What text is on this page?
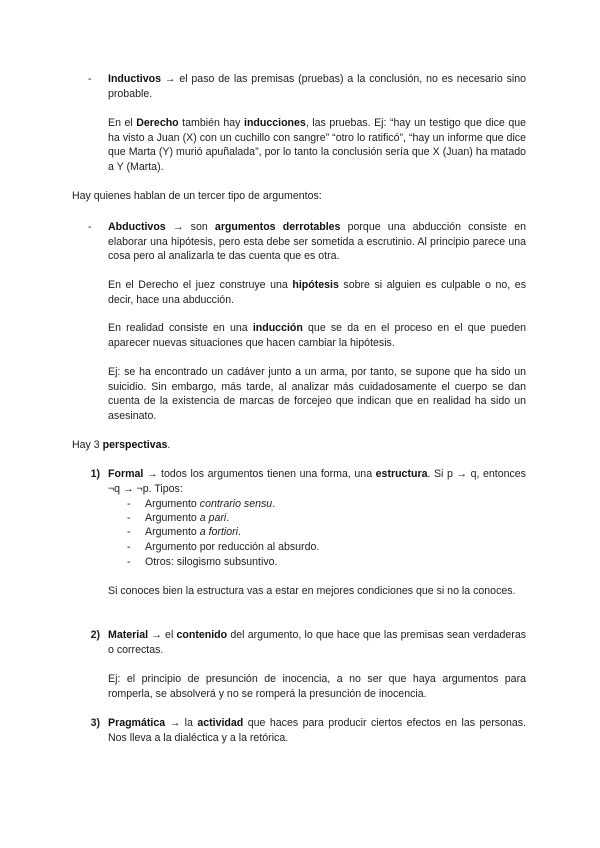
-	Inductivos → el paso de las premisas (pruebas) a la conclusión, no es necesario sino probable.

En el Derecho también hay inducciones, las pruebas. Ej: “hay un testigo que dice que ha visto a Juan (X) con un cuchillo con sangre” “otro lo ratificó”, “hay un informe que dice que Marta (Y) murió apuñalada”, por lo tanto la conclusión sería que X (Juan) ha matado a Y (Marta).

Hay quienes hablan de un tercer tipo de argumentos:

-	Abductivos → son argumentos derrotables porque una abducción consiste en elaborar una hipótesis, pero esta debe ser sometida a escrutinio. Al principio parece una cosa pero al analizarla te das cuenta que es otra.

En el Derecho el juez construye una hipótesis sobre si alguien es culpable o no, es decir, hace una abducción.

En realidad consiste en una inducción que se da en el proceso en el que pueden aparecer nuevas situaciones que hacen cambiar la hipótesis.

Ej: se ha encontrado un cadáver junto a un arma, por tanto, se supone que ha sido un suicidio. Sin embargo, más tarde, al analizar más cuidadosamente el cuerpo se dan cuenta de la existencia de marcas de forcejeo que indican que en realidad ha sido un asesinato.

Hay 3 perspectivas.

1) Formal → todos los argumentos tienen una forma, una estructura. Si p → q, entonces ¬q → ¬p. Tipos:

-	Argumento contrario sensu.

-	Argumento a pari.

-	Argumento a fortiori.

-	Argumento por reducción al absurdo.

-	Otros: silogismo subsuntivo.

Si conoces bien la estructura vas a estar en mejores condiciones que si no la conoces.

2) Material → el contenido del argumento, lo que hace que las premisas sean verdaderas o correctas.

Ej: el principio de presunción de inocencia, a no ser que haya argumentos para romperla, se absolverá y no se romperá la presunción de inocencia.

3) Pragmática → la actividad que haces para producir ciertos efectos en las personas. Nos lleva a la dialéctica y a la retórica.
